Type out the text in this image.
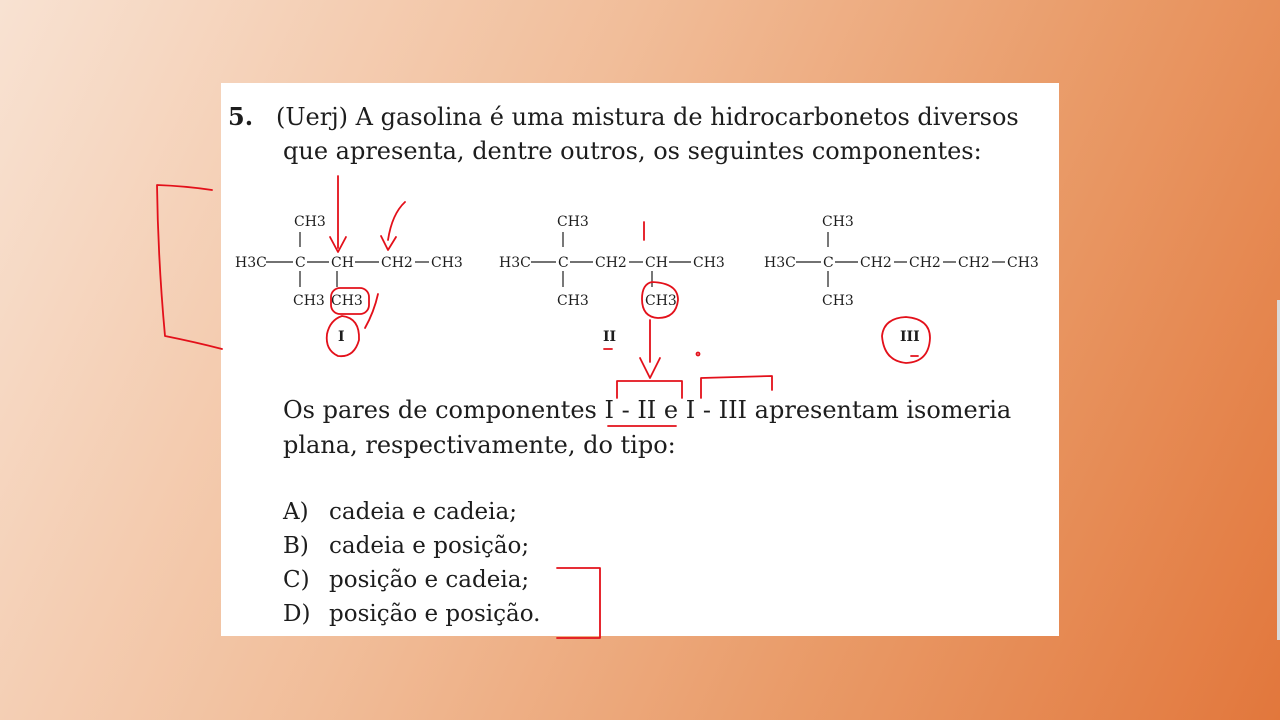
5. (Uerj) A gasolina é uma mistura de hidrocarbonetos diversos

que apresenta, dentre outros, os seguintes componentes:

CH3
H3C C CH CH2 CH3
CH3 CH3
I
CH3
H3C C CH2 CH CH3
CH3	CH3
II
CH3
H3C C CH2 CH2 CH2 CH3
CH3
III

Os pares de componentes I - II e I - III apresentam isomeria

plana, respectivamente, do tipo:

A) cadeia e cadeia;
B) cadeia e posição;
C) posição e cadeia;
D) posição e posição.
